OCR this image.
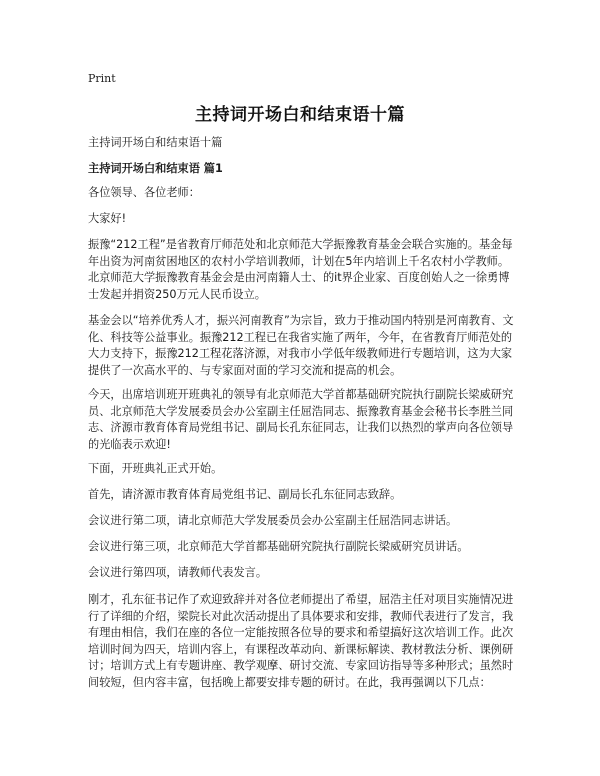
Print
主持词开场白和结束语十篇
主持词开场白和结束语十篇
主持词开场白和结束语 篇1
各位领导、各位老师：
大家好!
振豫“212工程”是省教育厅师范处和北京师范大学振豫教育基金会联合实施的。基金每年出资为河南贫困地区的农村小学培训教师，计划在5年内培训上千名农村小学教师。北京师范大学振豫教育基金会是由河南籍人士、的it界企业家、百度创始人之一徐勇博士发起并捐资250万元人民币设立。
基金会以“培养优秀人才，振兴河南教育”为宗旨，致力于推动国内特别是河南教育、文化、科技等公益事业。振豫212工程已在我省实施了两年，今年，在省教育厅师范处的大力支持下，振豫212工程花落济源，对我市小学低年级教师进行专题培训，这为大家提供了一次高水平的、与专家面对面的学习交流和提高的机会。
今天，出席培训班开班典礼的领导有北京师范大学首都基础研究院执行副院长梁威研究员、北京师范大学发展委员会办公室副主任屈浩同志、振豫教育基金会秘书长李胜兰同志、济源市教育体育局党组书记、副局长孔东征同志，让我们以热烈的掌声向各位领导的光临表示欢迎!
下面，开班典礼正式开始。
首先，请济源市教育体育局党组书记、副局长孔东征同志致辞。
会议进行第二项，请北京师范大学发展委员会办公室副主任屈浩同志讲话。
会议进行第三项，北京师范大学首都基础研究院执行副院长梁威研究员讲话。
会议进行第四项，请教师代表发言。
刚才，孔东征书记作了欢迎致辞并对各位老师提出了希望，屈浩主任对项目实施情况进行了详细的介绍，梁院长对此次活动提出了具体要求和安排，教师代表进行了发言，我有理由相信，我们在座的各位一定能按照各位导的要求和希望搞好这次培训工作。此次培训时间为四天，培训内容上，有课程改革动向、新课标解读、教材教法分析、课例研讨；培训方式上有专题讲座、教学观摩、研讨交流、专家回访指导等多种形式；虽然时间较短，但内容丰富，包括晚上都要安排专题的研讨。在此，我再强调以下几点：
